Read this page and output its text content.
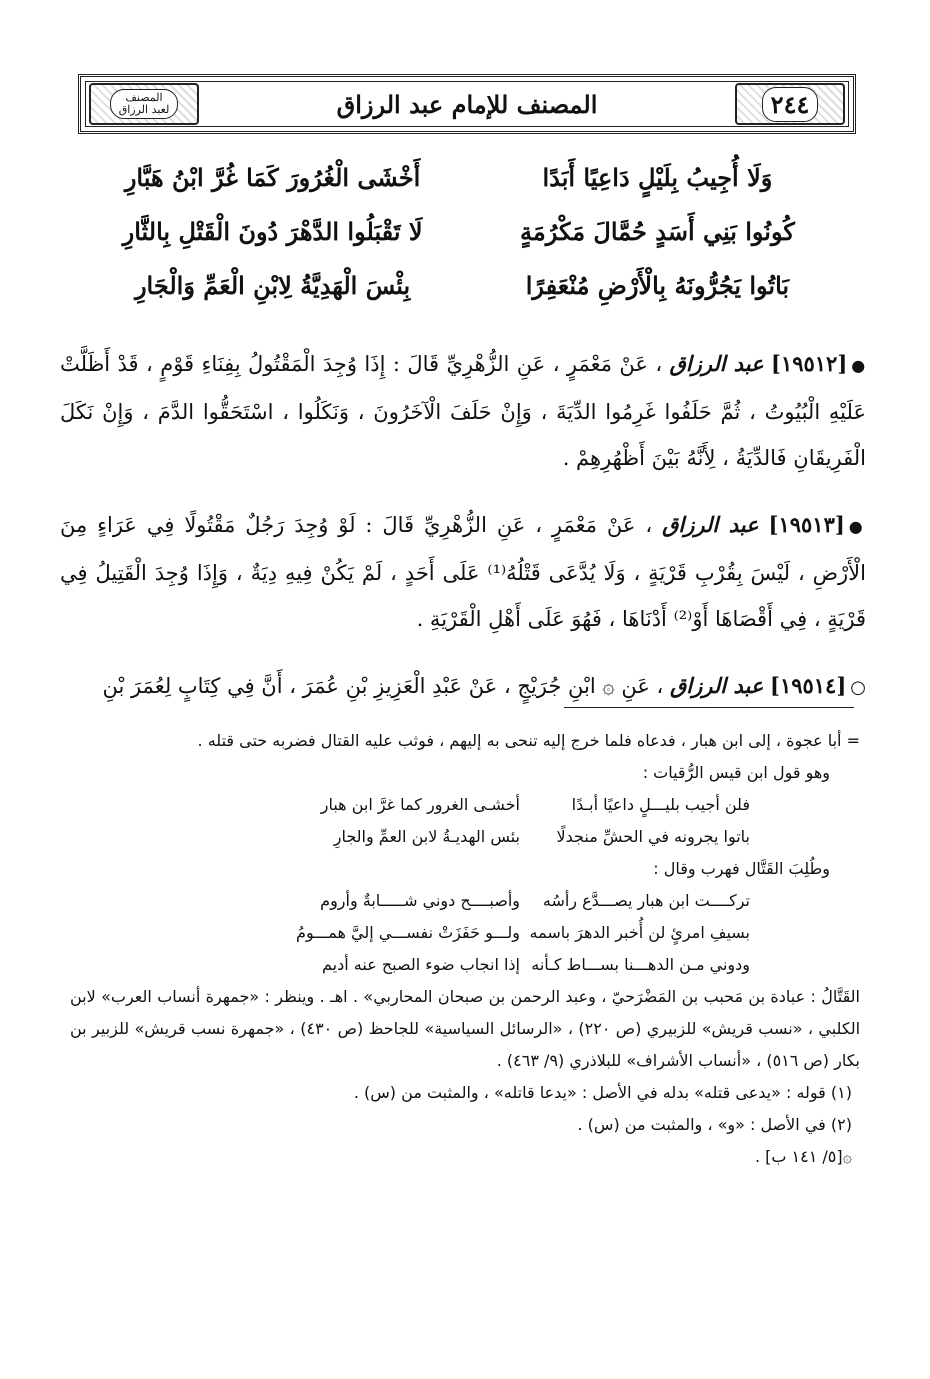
٢٤٤
المصنف للإمام عبد الرزاق
المصنف
لعبد الرزاق
وَلَا أُجِيبُ بِلَيْلٍ دَاعِيًا أَبَدًا
أَخْشَى الْغُرُورَ كَمَا غُرَّ ابْنُ هَبَّارِ
كُونُوا بَنِي أَسَدٍ حُمَّالَ مَكْرُمَةٍ
لَا تَقْبَلُوا الدَّهْرَ دُونَ الْقَتْلِ بِالثَّارِ
بَاتُوا يَجُرُّونَهُ بِالْأَرْضِ مُنْعَفِرًا
بِئْسَ الْهَدِيَّةُ لِابْنِ الْعَمِّ وَالْجَارِ

●[١٩٥١٢] عبد الرزاق ، عَنْ مَعْمَرٍ ، عَنِ الزُّهْرِيِّ قَالَ : إِذَا وُجِدَ الْمَقْتُولُ بِفِنَاءِ قَوْمٍ ، قَدْ أَظَلَّتْ عَلَيْهِ الْبُيُوتُ ، ثُمَّ حَلَفُوا غَرِمُوا الدِّيَةَ ، وَإِنْ حَلَفَ الْآخَرُونَ ، وَنَكَلُوا ، اسْتَحَقُّوا الدَّمَ ، وَإِنْ نَكَلَ الْفَرِيقَانِ فَالدِّيَةُ ، لِأَنَّهُ بَيْنَ أَظْهُرِهِمْ .

●[١٩٥١٣] عبد الرزاق ، عَنْ مَعْمَرٍ ، عَنِ الزُّهْرِيِّ قَالَ : لَوْ وُجِدَ رَجُلٌ مَقْتُولًا فِي عَرَاءٍ مِنَ الْأَرْضِ ، لَيْسَ بِقُرْبِ قَرْيَةٍ ، وَلَا يُدَّعَى قَتْلُهُ⁽¹⁾ عَلَى أَحَدٍ ، لَمْ يَكُنْ فِيهِ دِيَةٌ ، وَإِذَا وُجِدَ الْقَتِيلُ فِي قَرْيَةٍ ، فِي أَقْصَاهَا أَوْ⁽²⁾ أَدْنَاهَا ، فَهُوَ عَلَى أَهْلِ الْقَرْيَةِ .

○[١٩٥١٤] عبد الرزاق ، عَنِ ۞ ابْنِ جُرَيْجٍ ، عَنْ عَبْدِ الْعَزِيزِ بْنِ عُمَرَ ، أَنَّ فِي كِتَابٍ لِعُمَرَ بْنِ

= أبا عجوة ، إلى ابن هبار ، فدعاه فلما خرج إليه تنحى به إليهم ، فوثب عليه القتال فضربه حتى قتله .

وهو قول ابن قيس الرُّقيات :

فلن أجيب بليـــلٍ داعيًا أبـدًا
أخشـى الغرور كما غرَّ ابن هبار
باتوا يجرونه في الحشِّ منجدلًا
بئس الهديـةُ لابن العمِّ والجارِ

وطُلِبَ القَتَّال فهرب وقال :

تركــــت ابن هبار يصـــدَّع رأسُه
وأصبــــح دوني شـــــابةٌ وأروم
بسيفِ امرئٍ لن أُخبر الدهرَ باسمه
ولـــو حَفَزَتْ نفســـي إليَّ همـــومُ
ودوني مـن الدهـــنا بســـاط كـأنه
إذا انجاب ضوء الصبح عنه أديم

القَتَّالُ : عبادة بن مَحبب بن المَضْرَحيّ ، وعبد الرحمن بن صبحان المحاربي» . اهـ . وينظر : «جمهرة أنساب العرب» لابن الكلبي ، «نسب قريش» للزبيري (ص ٢٢٠) ، «الرسائل السياسية» للجاحظ (ص ٤٣٠) ، «جمهرة نسب قريش» للزبير بن بكار (ص ٥١٦) ، «أنساب الأشراف» للبلاذري (٩/ ٤٦٣) .

(١) قوله : «يدعى قتله» بدله في الأصل : «يدعا قاتله» ، والمثبت من (س) .

(٢) في الأصل : «و» ، والمثبت من (س) .

۞[٥/ ١٤١ ب] .
